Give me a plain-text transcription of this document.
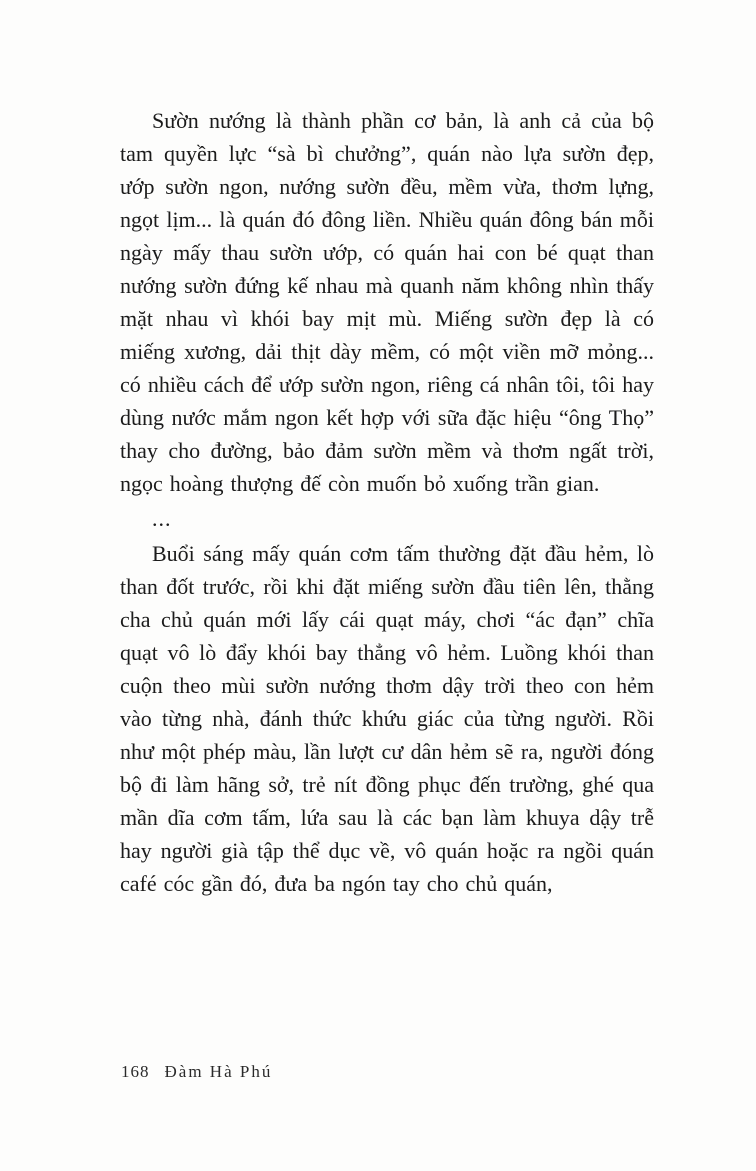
Sườn nướng là thành phần cơ bản, là anh cả của bộ tam quyền lực “sà bì chưởng”, quán nào lựa sườn đẹp, ướp sườn ngon, nướng sườn đều, mềm vừa, thơm lựng, ngọt lịm... là quán đó đông liền. Nhiều quán đông bán mỗi ngày mấy thau sườn ướp, có quán hai con bé quạt than nướng sườn đứng kế nhau mà quanh năm không nhìn thấy mặt nhau vì khói bay mịt mù. Miếng sườn đẹp là có miếng xương, dải thịt dày mềm, có một viền mỡ mỏng... có nhiều cách để ướp sườn ngon, riêng cá nhân tôi, tôi hay dùng nước mắm ngon kết hợp với sữa đặc hiệu “ông Thọ” thay cho đường, bảo đảm sườn mềm và thơm ngất trời, ngọc hoàng thượng đế còn muốn bỏ xuống trần gian.

...

Buổi sáng mấy quán cơm tấm thường đặt đầu hẻm, lò than đốt trước, rồi khi đặt miếng sườn đầu tiên lên, thằng cha chủ quán mới lấy cái quạt máy, chơi “ác đạn” chĩa quạt vô lò đẩy khói bay thẳng vô hẻm. Luồng khói than cuộn theo mùi sườn nướng thơm dậy trời theo con hẻm vào từng nhà, đánh thức khứu giác của từng người. Rồi như một phép màu, lần lượt cư dân hẻm sẽ ra, người đóng bộ đi làm hãng sở, trẻ nít đồng phục đến trường, ghé qua mần dĩa cơm tấm, lứa sau là các bạn làm khuya dậy trễ hay người già tập thể dục về, vô quán hoặc ra ngồi quán café cóc gần đó, đưa ba ngón tay cho chủ quán,

168 Đàm Hà Phú
